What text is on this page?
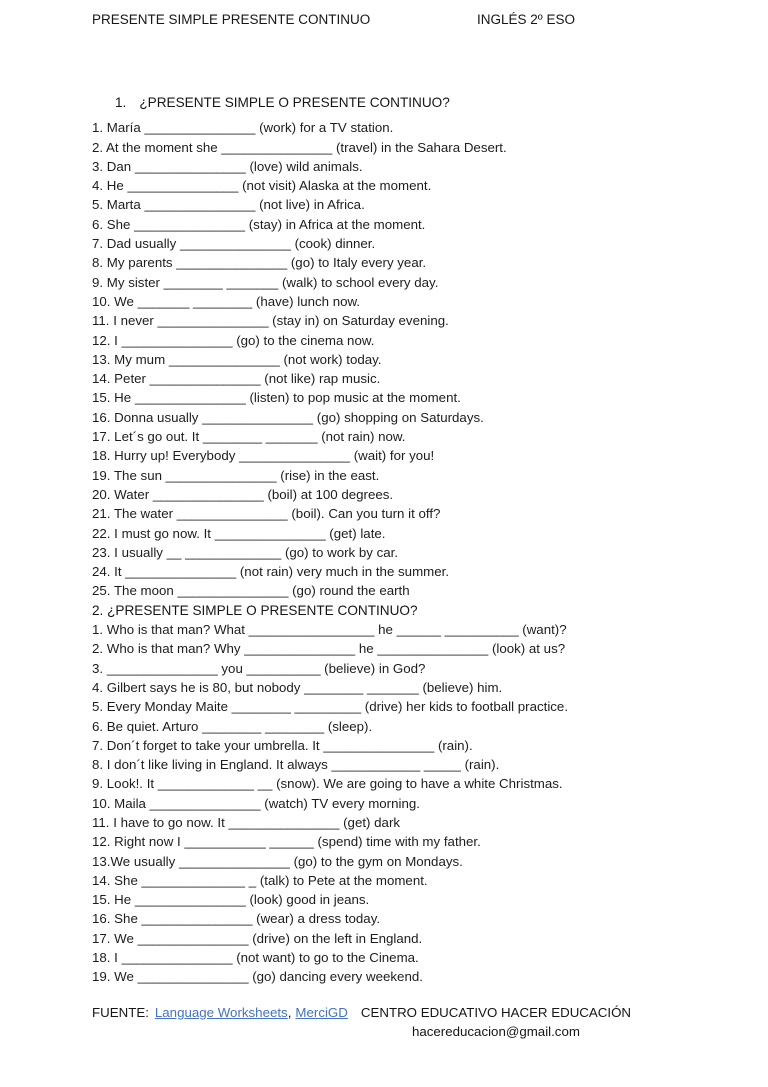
PRESENTE SIMPLE PRESENTE CONTINUO	INGLÉS 2º ESO
1. ¿PRESENTE SIMPLE O PRESENTE CONTINUO?
1. María _______________ (work) for a TV station.
2. At the moment she _______________ (travel) in the Sahara Desert.
3. Dan _______________ (love) wild animals.
4. He _______________ (not visit) Alaska at the moment.
5. Marta _______________ (not live) in Africa.
6. She _______________ (stay) in Africa at the moment.
7. Dad usually _______________ (cook) dinner.
8. My parents _______________ (go) to Italy every year.
9. My sister ________ _______ (walk) to school every day.
10. We _______ ________ (have) lunch now.
11. I never _______________ (stay in) on Saturday evening.
12. I _______________ (go) to the cinema now.
13. My mum _______________ (not work) today.
14. Peter _______________ (not like) rap music.
15. He _______________ (listen) to pop music at the moment.
16. Donna usually _______________ (go) shopping on Saturdays.
17. Let´s go out. It ________ _______ (not rain) now.
18. Hurry up! Everybody _______________ (wait) for you!
19. The sun _______________ (rise) in the east.
20. Water _______________ (boil) at 100 degrees.
21. The water _______________ (boil). Can you turn it off?
22. I must go now. It _______________ (get) late.
23. I usually __ _____________ (go) to work by car.
24. It _______________ (not rain) very much in the summer.
25. The moon _______________ (go) round the earth
2. ¿PRESENTE SIMPLE O PRESENTE CONTINUO?
1. Who is that man? What _________________ he ______ __________ (want)?
2. Who is that man? Why _______________ he _______________ (look) at us?
3. _______________ you __________ (believe) in God?
4. Gilbert says he is 80, but nobody ________ _______ (believe) him.
5. Every Monday Maite ________ _________ (drive) her kids to football practice.
6. Be quiet. Arturo ________ ________ (sleep).
7. Don´t forget to take your umbrella. It _______________ (rain).
8. I don´t like living in England. It always ____________ _____ (rain).
9. Look!. It _____________ __ (snow). We are going to have a white Christmas.
10. Maila _______________ (watch) TV every morning.
11. I have to go now. It _______________ (get) dark
12. Right now I ___________ ______ (spend) time with my father.
13.We usually _______________ (go) to the gym on Mondays.
14. She ______________ _ (talk) to Pete at the moment.
15. He _______________ (look) good in jeans.
16. She _______________ (wear) a dress today.
17. We _______________ (drive) on the left in England.
18. I _______________ (not want) to go to the Cinema.
19. We _______________ (go) dancing every weekend.
FUENTE: Language Worksheets, MerciGD CENTRO EDUCATIVO HACER EDUCACIÓN
hacereducacion@gmail.com
